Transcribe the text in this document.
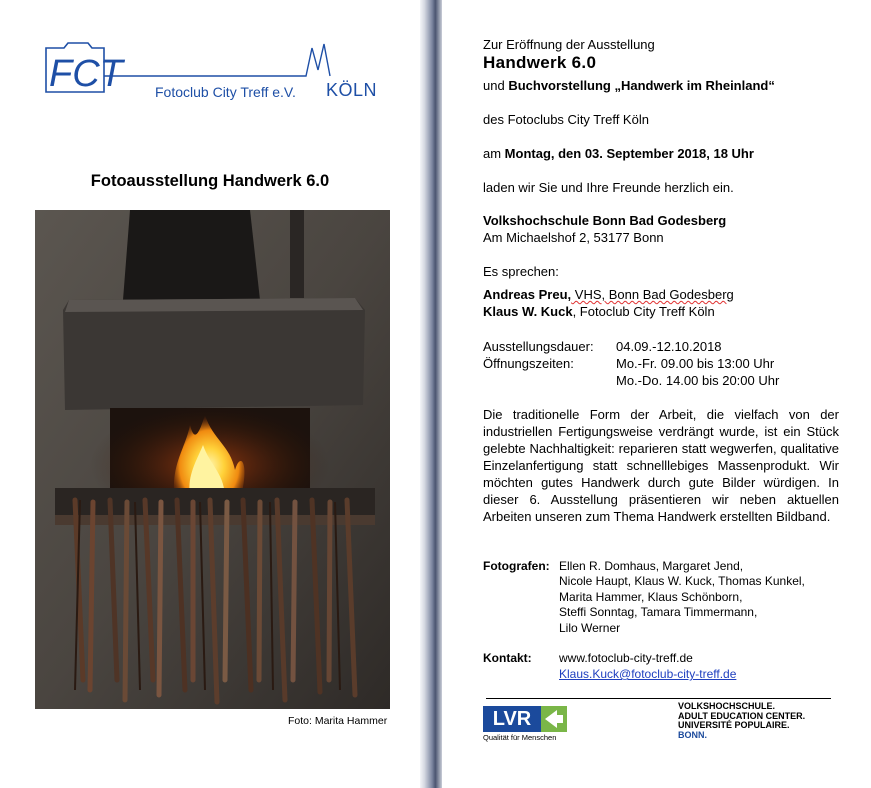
FCT Fotoclub City Treff e.V. KÖLN
Fotoausstellung Handwerk 6.0
Foto: Marita Hammer
Zur Eröffnung der Ausstellung
Handwerk 6.0
und Buchvorstellung „Handwerk im Rheinland“
des Fotoclubs City Treff Köln
am Montag, den 03. September 2018, 18 Uhr
laden wir Sie und Ihre Freunde herzlich ein.
Volkshochschule Bonn Bad Godesberg
Am Michaelshof 2, 53177 Bonn
Es sprechen:
Andreas Preu, VHS, Bonn Bad Godesberg
Klaus W. Kuck, Fotoclub City Treff Köln
Ausstellungsdauer: 04.09.-12.10.2018
Öffnungszeiten:	Mo.-Fr. 09.00 bis 13:00 Uhr
Mo.-Do. 14.00 bis 20:00 Uhr
Die traditionelle Form der Arbeit, die vielfach von der industriellen Fertigungsweise verdrängt wurde, ist ein Stück gelebte Nachhaltigkeit: reparieren statt wegwerfen, qualitative Einzelanfertigung statt schnelllebiges Massenprodukt. Wir möchten gutes Handwerk durch gute Bilder würdigen. In dieser 6. Ausstellung präsentieren wir neben aktuellen Arbeiten unseren zum Thema Handwerk erstellten Bildband.
Fotografen: Ellen R. Domhaus, Margaret Jend,
Nicole Haupt, Klaus W. Kuck, Thomas Kunkel,
Marita Hammer, Klaus Schönborn,
Steffi Sonntag, Tamara Timmermann,
Lilo Werner
Kontakt: www.fotoclub-city-treff.de
Klaus.Kuck@fotoclub-city-treff.de
LVR
Qualität für Menschen
VOLKSHOCHSCHULE.
ADULT EDUCATION CENTER.
UNIVERSITÉ POPULAIRE.
BONN.
